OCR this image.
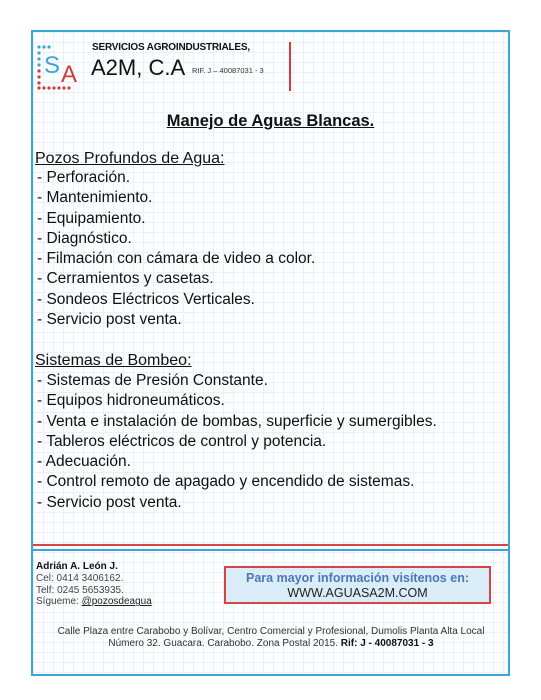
S A
SERVICIOS AGROINDUSTRIALES,
A2M, C.A RIF. J – 40087031 - 3
Manejo de Aguas Blancas.
Pozos Profundos de Agua:
- Perforación.
- Mantenimiento.
- Equipamiento.
- Diagnóstico.
- Filmación con cámara de video a color.
- Cerramientos y casetas.
- Sondeos Eléctricos Verticales.
- Servicio post venta.
Sistemas de Bombeo:
- Sistemas de Presión Constante.
- Equipos hidroneumáticos.
- Venta e instalación de bombas, superficie y sumergibles.
- Tableros eléctricos de control y potencia.
- Adecuación.
- Control remoto de apagado y encendido de sistemas.
- Servicio post venta.
Adrián A. León J.
Cel: 0414 3406162.
Telf: 0245 5653935.
Sígueme: @pozosdeagua
Para mayor información visítenos en:
WWW.AGUASA2M.COM
Calle Plaza entre Carabobo y Bolívar, Centro Comercial y Profesional, Dumolis Planta Alta Local
Número 32. Guacara. Carabobo. Zona Postal 2015. Rif: J - 40087031 - 3
